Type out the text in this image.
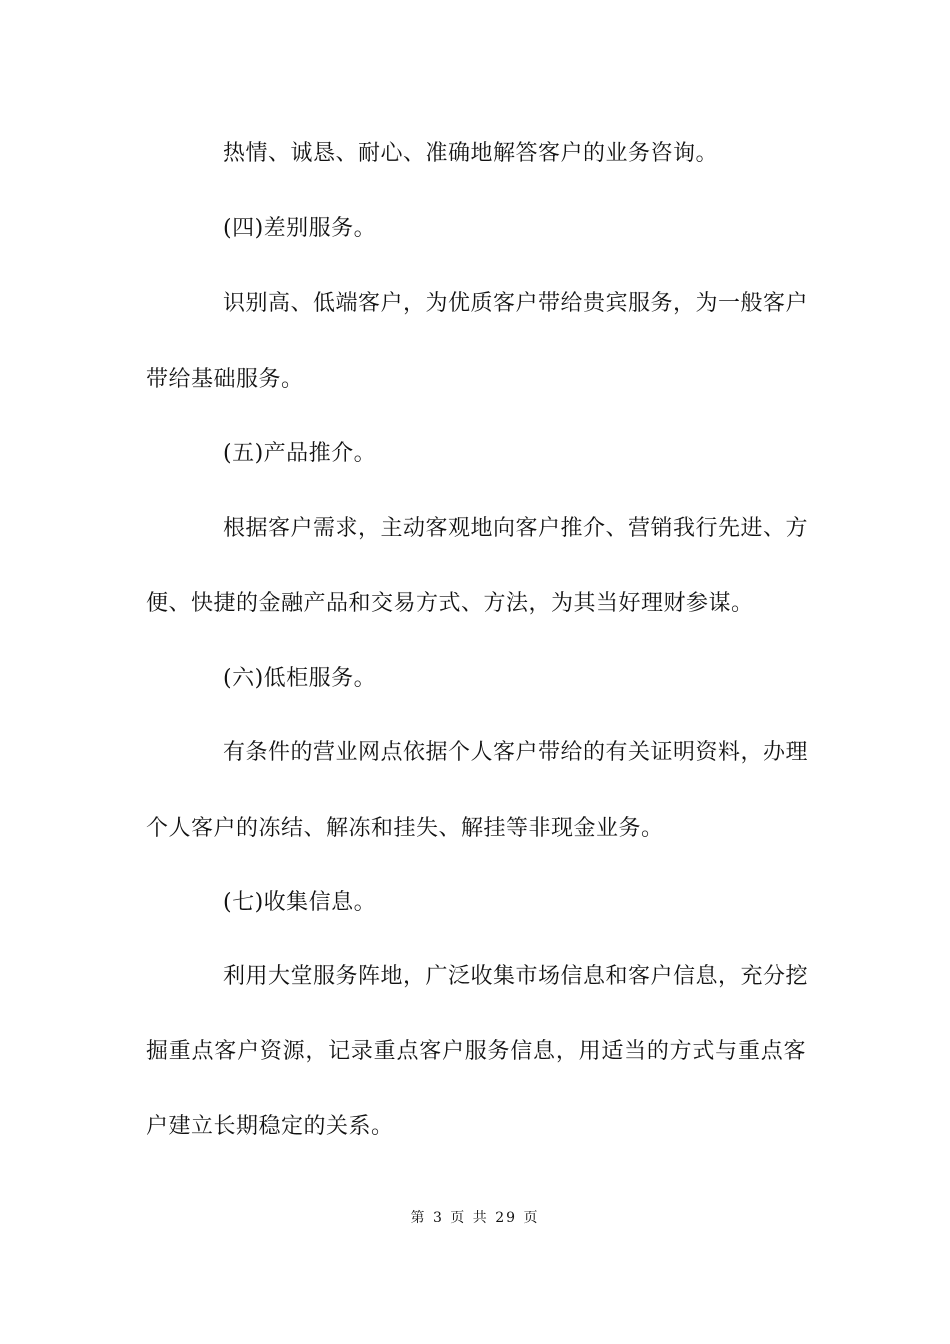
热情、诚恳、耐心、准确地解答客户的业务咨询。
(四)差别服务。
识别高、低端客户，为优质客户带给贵宾服务，为一般客户
带给基础服务。
(五)产品推介。
根据客户需求，主动客观地向客户推介、营销我行先进、方
便、快捷的金融产品和交易方式、方法，为其当好理财参谋。
(六)低柜服务。
有条件的营业网点依据个人客户带给的有关证明资料，办理
个人客户的冻结、解冻和挂失、解挂等非现金业务。
(七)收集信息。
利用大堂服务阵地，广泛收集市场信息和客户信息，充分挖
掘重点客户资源，记录重点客户服务信息，用适当的方式与重点客
户建立长期稳定的关系。
第 3 页 共 29 页
